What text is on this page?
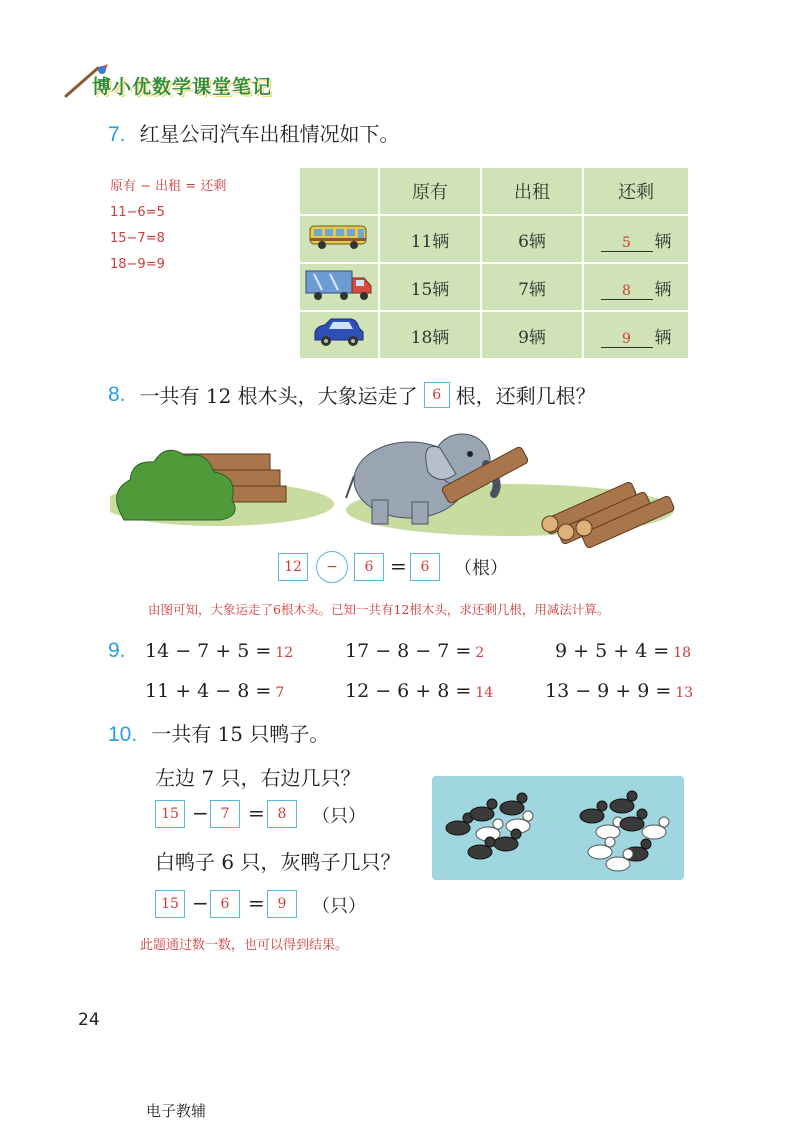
博小优数学课堂笔记
7. 红星公司汽车出租情况如下。
原有 − 出租 = 还剩
11−6=5
15−7=8
18−9=9
	原有	出租	还剩
	11辆	6辆	5 辆
	15辆	7辆	8 辆
	18辆	9辆	9 辆
8. 一共有 12 根木头，大象运走了	6 根，还剩几根？
12	−	6 = 6	（根）
由图可知，大象运走了6根木头。已知一共有12根木头，求还剩几根，用减法计算。
9. 14 − 7 + 5 = 12	17 − 8 − 7 = 2	9 + 5 + 4 = 18
11 + 4 − 8 = 7	12 − 6 + 8 = 14	13 − 9 + 9 = 13
10. 一共有 15 只鸭子。
左边 7 只，右边几只？
15 − 7 = 8	（只）
白鸭子 6 只，灰鸭子几只？
15 − 6 = 9	（只）
此题通过数一数，也可以得到结果。
24
电子教辅
